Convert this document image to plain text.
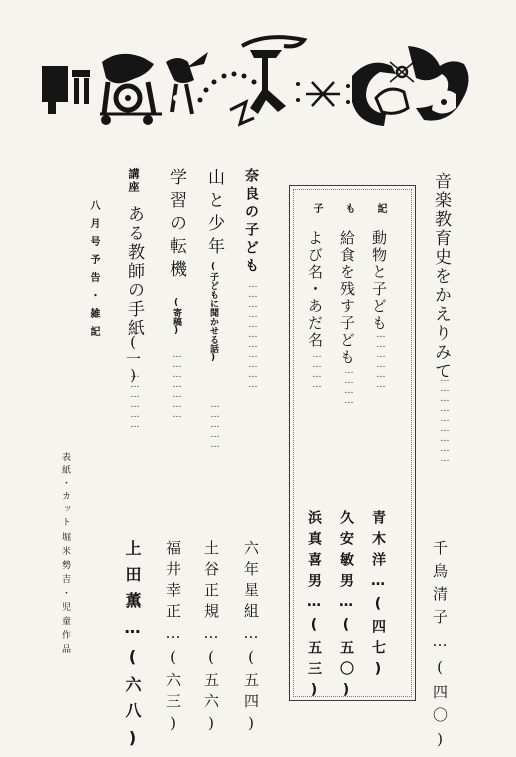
音楽教育史をかえりみて
………………………
千鳥清子…(四〇)
記
動物と子ども
………………
青木洋…(四七)
も
給食を残す子ども
…………
久安敏男…(五〇)
子
よび名・あだ名
…………
浜真喜男…(五三)
奈良の子ども
……………………………
六年星組…(五四)
山と少年
(子どもに聞かせる話)
……………
土谷正規…(五六)
学習の転機
(寄稿)
…………………
福井幸正…(六三)
講座
ある教師の手紙
(一)
………………
上田薫…(六八)
八月号予告・雑記
表紙・カット
堀米勢吉・児童作品
